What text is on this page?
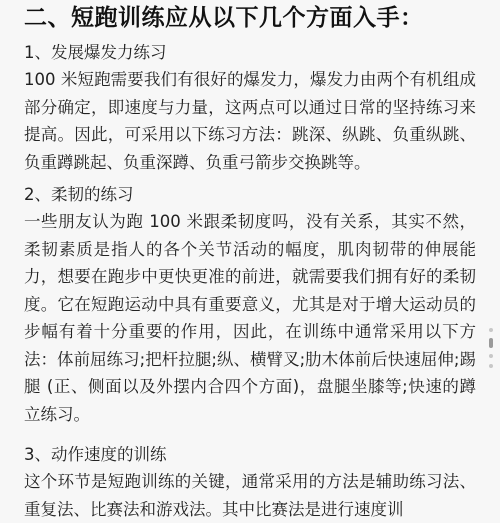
二、短跑训练应从以下几个方面入手：
1、发展爆发力练习

100 米短跑需要我们有很好的爆发力，爆发力由两个有机组成部分确定，即速度与力量，这两点可以通过日常的坚持练习来提高。因此，可采用以下练习方法：跳深、纵跳、负重纵跳、负重蹲跳起、负重深蹲、负重弓箭步交换跳等。

2、柔韧的练习

一些朋友认为跑 100 米跟柔韧度吗，没有关系，其实不然，柔韧素质是指人的各个关节活动的幅度，肌肉韧带的伸展能力，想要在跑步中更快更准的前进，就需要我们拥有好的柔韧度。它在短跑运动中具有重要意义，尤其是对于增大运动员的步幅有着十分重要的作用，因此，在训练中通常采用以下方法：体前屈练习;把杆拉腿;纵、横臂叉;肋木体前后快速屈伸;踢腿 (正、侧面以及外摆内合四个方面)，盘腿坐膝等;快速的蹲立练习。

3、动作速度的训练

这个环节是短跑训练的关键，通常采用的方法是辅助练习法、重复法、比赛法和游戏法。其中比赛法是进行速度训
